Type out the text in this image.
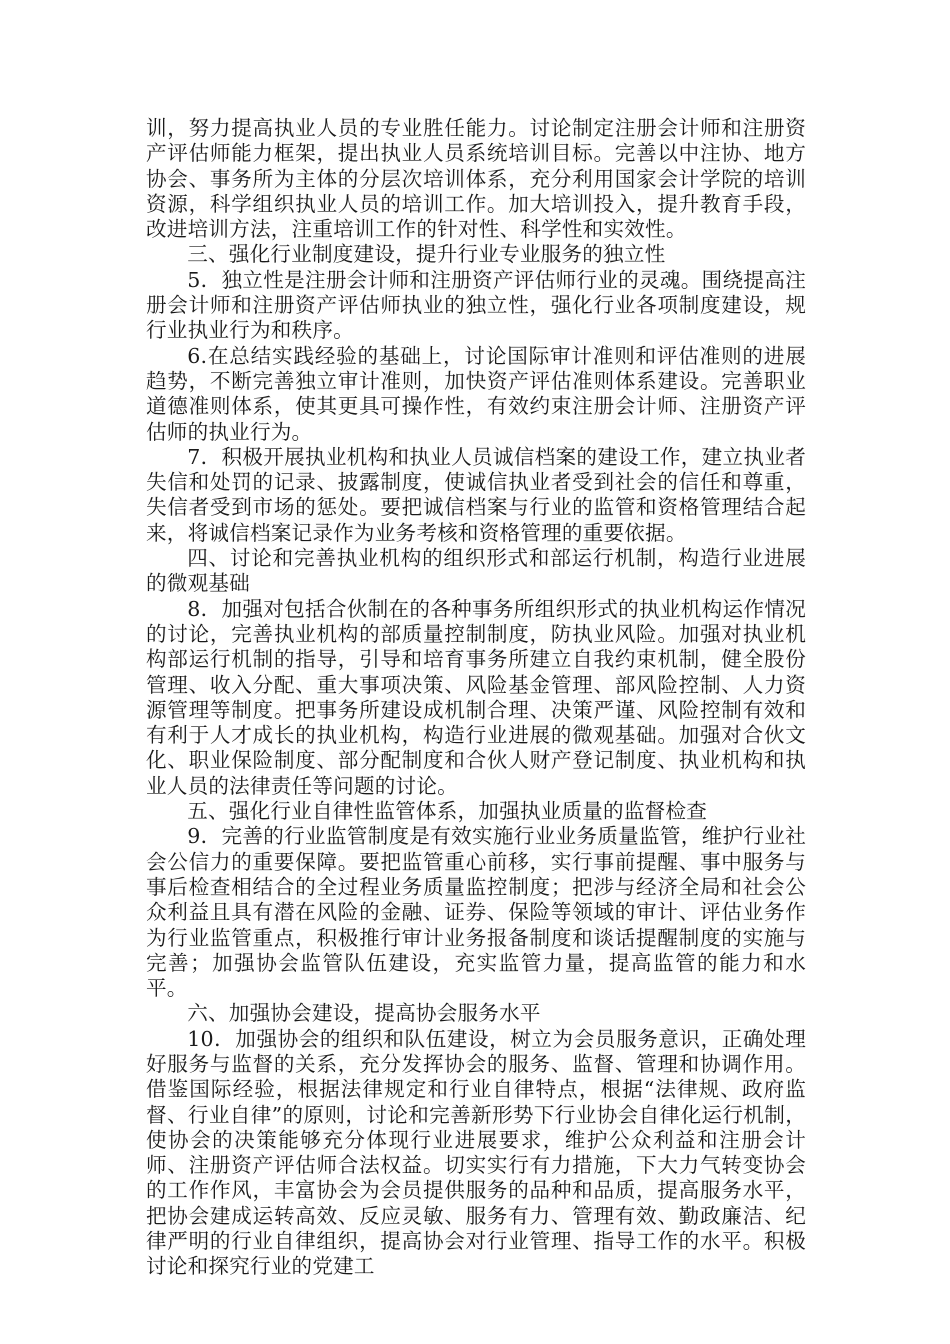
训，努力提高执业人员的专业胜任能力。讨论制定注册会计师和注册资产评估师能力框架，提出执业人员系统培训目标。完善以中注协、地方协会、事务所为主体的分层次培训体系，充分利用国家会计学院的培训资源，科学组织执业人员的培训工作。加大培训投入，提升教育手段，改进培训方法，注重培训工作的针对性、科学性和实效性。

三、强化行业制度建设，提升行业专业服务的独立性

5．独立性是注册会计师和注册资产评估师行业的灵魂。围绕提高注册会计师和注册资产评估师执业的独立性，强化行业各项制度建设，规行业执业行为和秩序。

6.在总结实践经验的基础上，讨论国际审计准则和评估准则的进展趋势，不断完善独立审计准则，加快资产评估准则体系建设。完善职业道德准则体系，使其更具可操作性，有效约束注册会计师、注册资产评估师的执业行为。

7．积极开展执业机构和执业人员诚信档案的建设工作，建立执业者失信和处罚的记录、披露制度，使诚信执业者受到社会的信任和尊重，失信者受到市场的惩处。要把诚信档案与行业的监管和资格管理结合起来，将诚信档案记录作为业务考核和资格管理的重要依据。

四、讨论和完善执业机构的组织形式和部运行机制，构造行业进展的微观基础

8．加强对包括合伙制在的各种事务所组织形式的执业机构运作情况的讨论，完善执业机构的部质量控制制度，防执业风险。加强对执业机构部运行机制的指导，引导和培育事务所建立自我约束机制，健全股份管理、收入分配、重大事项决策、风险基金管理、部风险控制、人力资源管理等制度。把事务所建设成机制合理、决策严谨、风险控制有效和有利于人才成长的执业机构，构造行业进展的微观基础。加强对合伙文化、职业保险制度、部分配制度和合伙人财产登记制度、执业机构和执业人员的法律责任等问题的讨论。

五、强化行业自律性监管体系，加强执业质量的监督检查

9．完善的行业监管制度是有效实施行业业务质量监管，维护行业社会公信力的重要保障。要把监管重心前移，实行事前提醒、事中服务与事后检查相结合的全过程业务质量监控制度；把涉与经济全局和社会公众利益且具有潜在风险的金融、证券、保险等领域的审计、评估业务作为行业监管重点，积极推行审计业务报备制度和谈话提醒制度的实施与完善；加强协会监管队伍建设，充实监管力量，提高监管的能力和水平。

六、加强协会建设，提高协会服务水平

10．加强协会的组织和队伍建设，树立为会员服务意识，正确处理好服务与监督的关系，充分发挥协会的服务、监督、管理和协调作用。借鉴国际经验，根据法律规定和行业自律特点，根据“法律规、政府监督、行业自律”的原则，讨论和完善新形势下行业协会自律化运行机制，使协会的决策能够充分体现行业进展要求，维护公众利益和注册会计师、注册资产评估师合法权益。切实实行有力措施，下大力气转变协会的工作作风，丰富协会为会员提供服务的品种和品质，提高服务水平，把协会建成运转高效、反应灵敏、服务有力、管理有效、勤政廉洁、纪律严明的行业自律组织，提高协会对行业管理、指导工作的水平。积极讨论和探究行业的党建工
